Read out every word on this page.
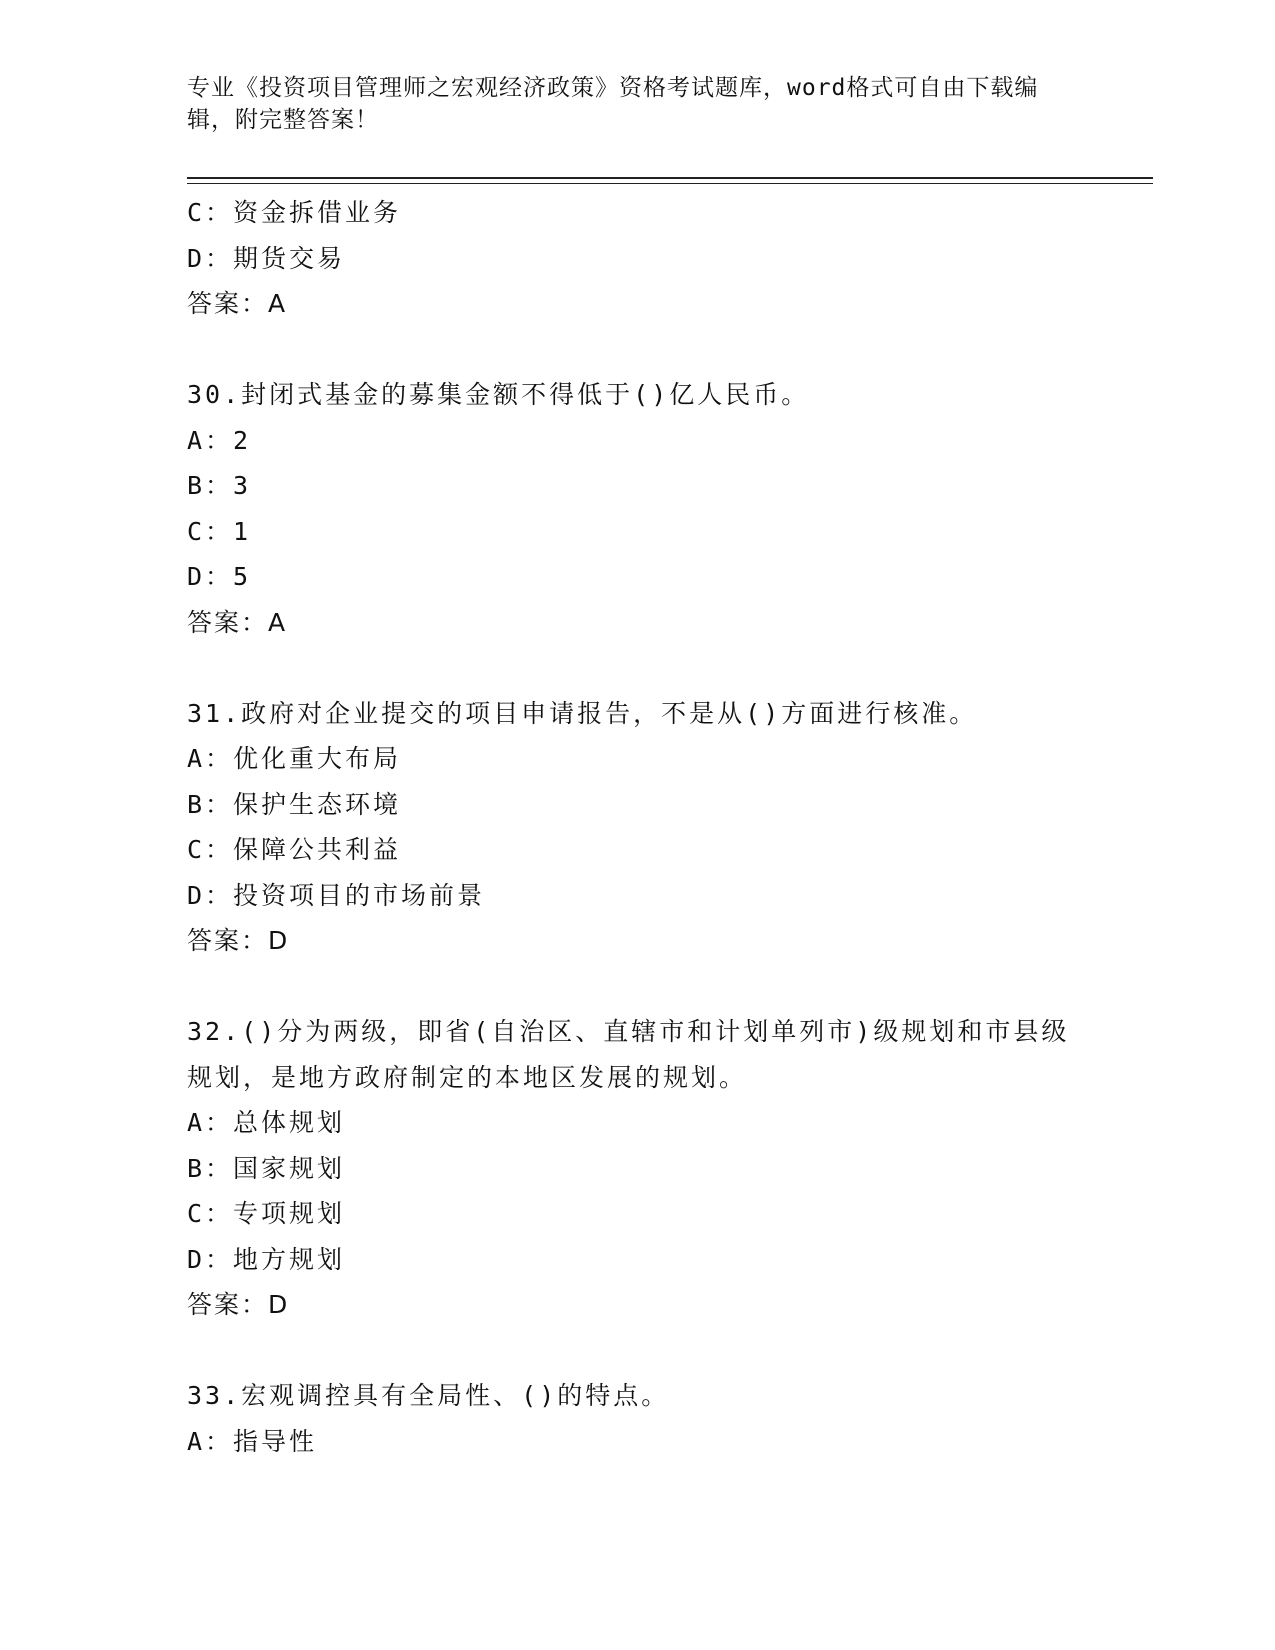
专业《投资项目管理师之宏观经济政策》资格考试题库，word格式可自由下载编
辑，附完整答案！
C：资金拆借业务
D：期货交易
答案：A
30.封闭式基金的募集金额不得低于()亿人民币。
A：2
B：3
C：1
D：5
答案：A
31.政府对企业提交的项目申请报告，不是从()方面进行核准。
A：优化重大布局
B：保护生态环境
C：保障公共利益
D：投资项目的市场前景
答案：D
32.()分为两级，即省(自治区、直辖市和计划单列市)级规划和市县级
规划，是地方政府制定的本地区发展的规划。
A：总体规划
B：国家规划
C：专项规划
D：地方规划
答案：D
33.宏观调控具有全局性、()的特点。
A：指导性
